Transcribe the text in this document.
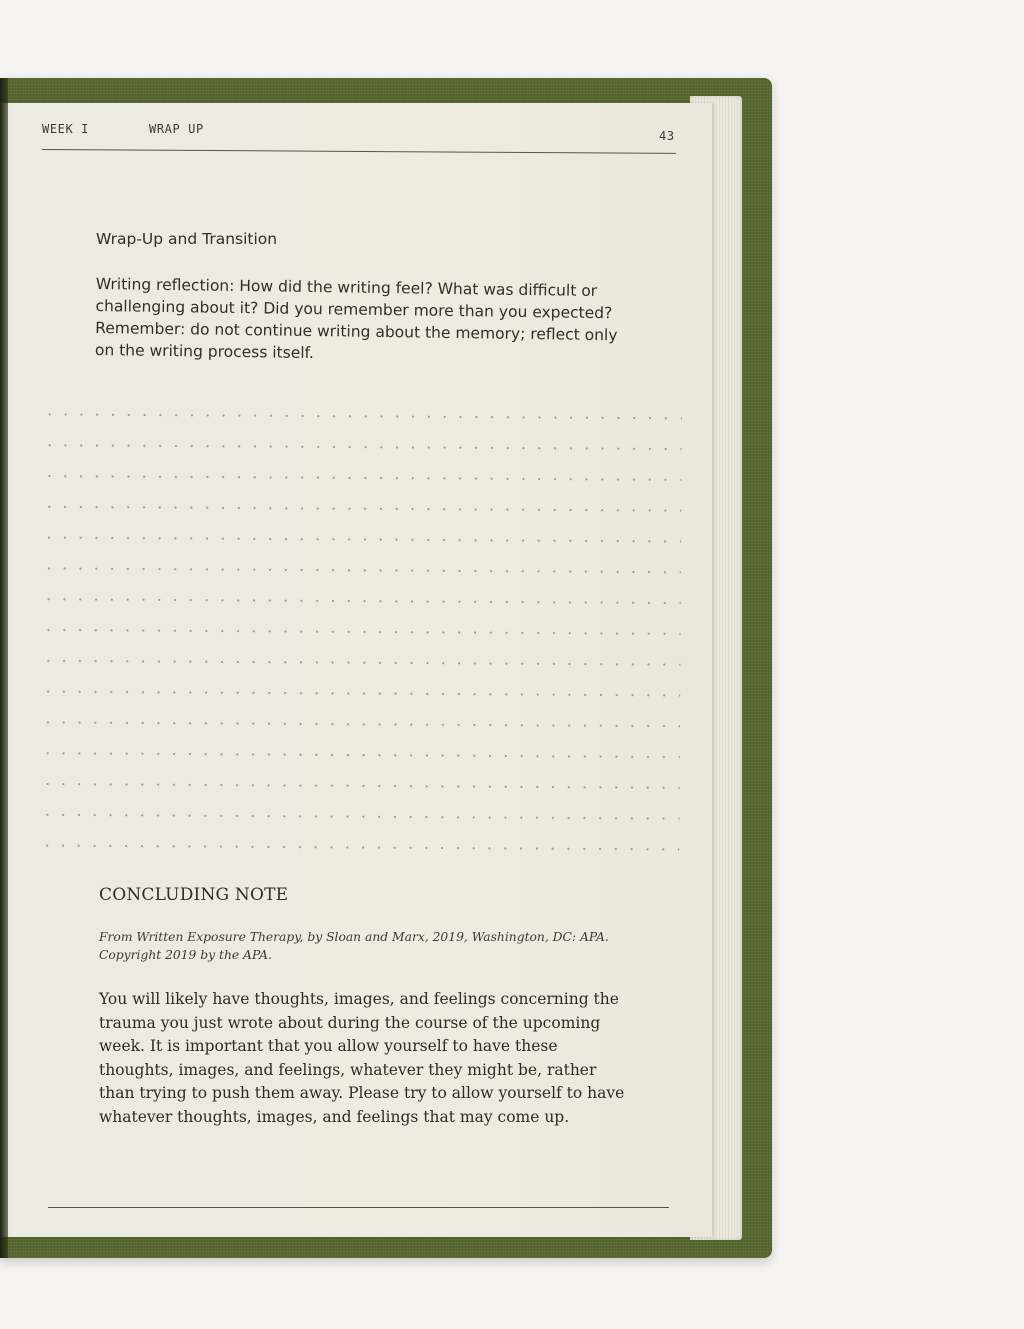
WEEK I	WRAP UP	43
Wrap-Up and Transition
Writing reflection: How did the writing feel? What was difficult or
challenging about it? Did you remember more than you expected?
Remember: do not continue writing about the memory; reflect only
on the writing process itself.
CONCLUDING NOTE
From Written Exposure Therapy, by Sloan and Marx, 2019, Washington, DC: APA.
Copyright 2019 by the APA.
You will likely have thoughts, images, and feelings concerning the
trauma you just wrote about during the course of the upcoming
week. It is important that you allow yourself to have these
thoughts, images, and feelings, whatever they might be, rather
than trying to push them away. Please try to allow yourself to have
whatever thoughts, images, and feelings that may come up.
